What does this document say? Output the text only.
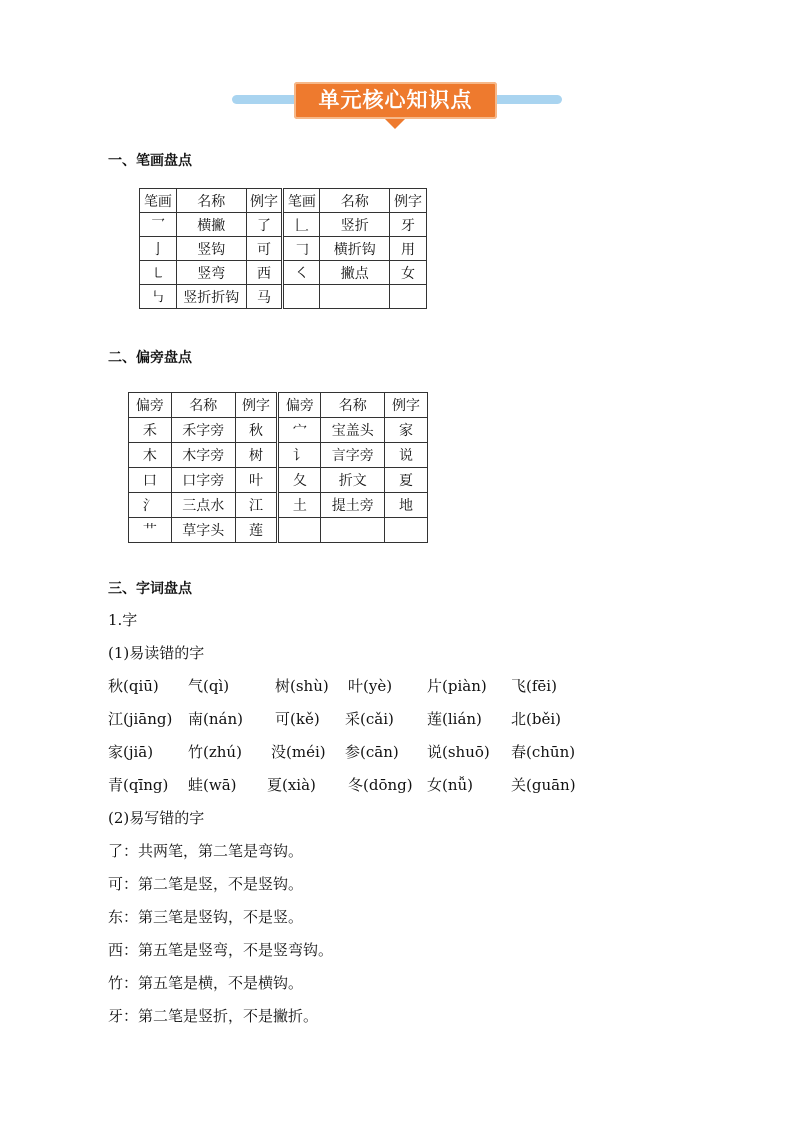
单元核心知识点
一、笔画盘点
笔画	名称	例字	笔画	名称	例字
乛	横撇	了	𠃊	竖折	牙
亅	竖钩	可	𠃌	横折钩	用
㇄	竖弯	西	㇛	撇点	女
㇉	竖折折钩	马			
二、偏旁盘点
偏旁	名称	例字	偏旁	名称	例字
禾	禾字旁	秋	宀	宝盖头	家
木	木字旁	树	讠	言字旁	说
口	口字旁	叶	夂	折文	夏
氵	三点水	江	土	提土旁	地
艹	草字头	莲			
三、字词盘点
1.字
(1)易读错的字
秋(qiū) 气(qì)	树(shù) 叶(yè) 片(piàn) 飞(fēi)
江(jiāng) 南(nán) 可(kě) 采(cǎi) 莲(lián) 北(běi)
家(jiā) 竹(zhú) 没(méi) 参(cān) 说(shuō) 春(chūn)
青(qīng) 蛙(wā) 夏(xià) 冬(dōng) 女(nǚ)	关(guān)
(2)易写错的字
了：共两笔，第二笔是弯钩。
可：第二笔是竖，不是竖钩。
东：第三笔是竖钩，不是竖。
西：第五笔是竖弯，不是竖弯钩。
竹：第五笔是横，不是横钩。
牙：第二笔是竖折，不是撇折。
